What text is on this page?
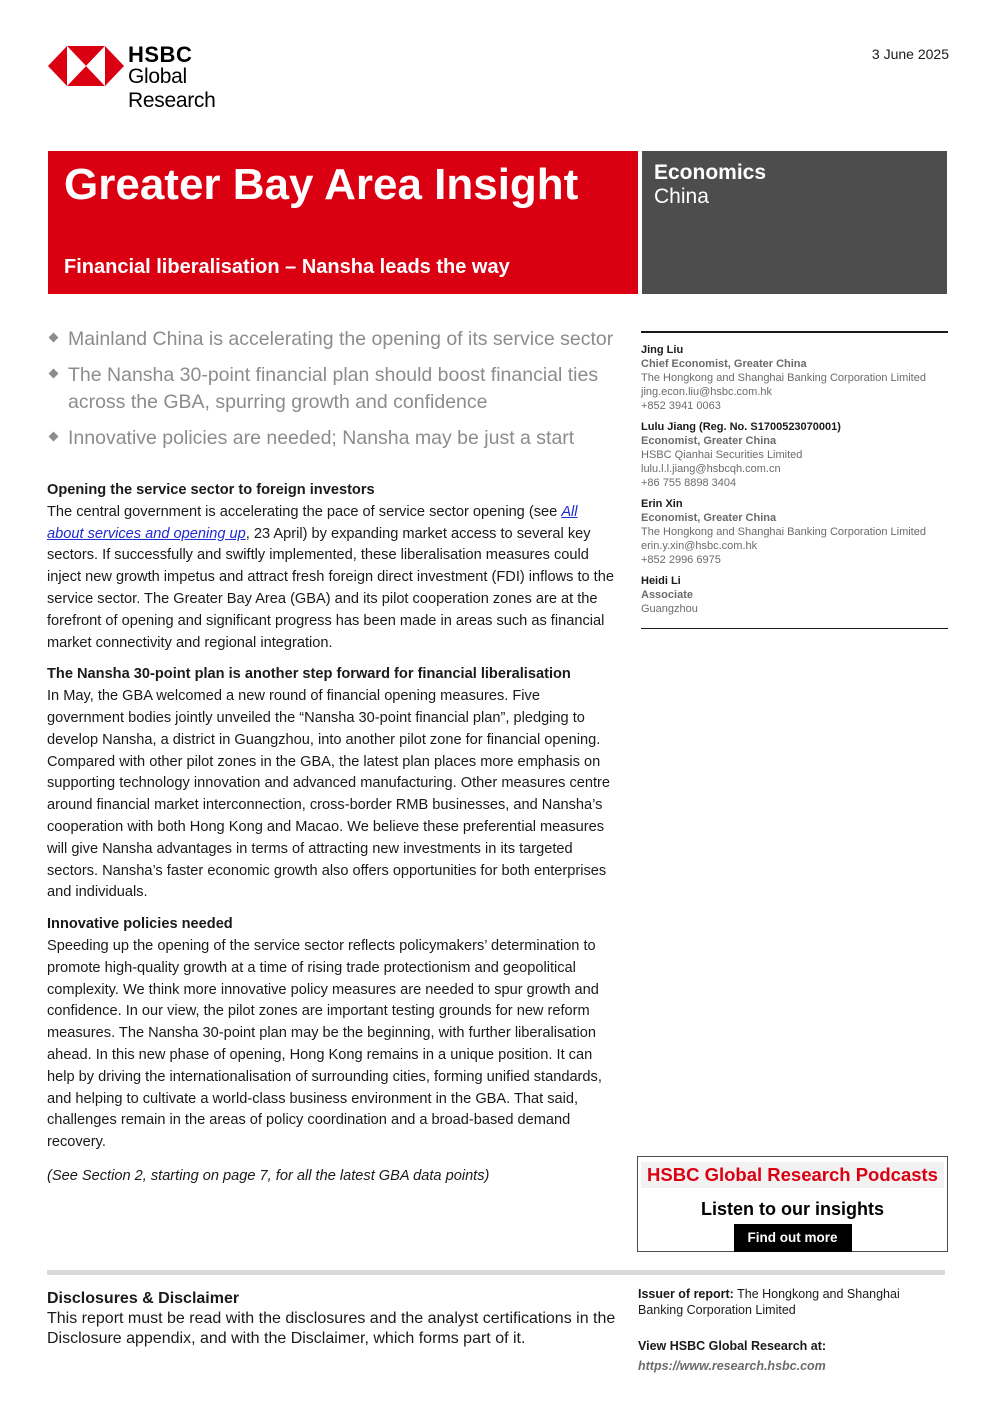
HSBC
Global Research
3 June 2025
Greater Bay Area Insight
Financial liberalisation – Nansha leads the way
Economics
China
Mainland China is accelerating the opening of its service sector
The Nansha 30-point financial plan should boost financial ties across the GBA, spurring growth and confidence
Innovative policies are needed; Nansha may be just a start
Opening the service sector to foreign investors

The central government is accelerating the pace of service sector opening (see All about services and opening up, 23 April) by expanding market access to several key sectors. If successfully and swiftly implemented, these liberalisation measures could inject new growth impetus and attract fresh foreign direct investment (FDI) inflows to the service sector. The Greater Bay Area (GBA) and its pilot cooperation zones are at the forefront of opening and significant progress has been made in areas such as financial market connectivity and regional integration.

The Nansha 30-point plan is another step forward for financial liberalisation

In May, the GBA welcomed a new round of financial opening measures. Five government bodies jointly unveiled the “Nansha 30-point financial plan”, pledging to develop Nansha, a district in Guangzhou, into another pilot zone for financial opening. Compared with other pilot zones in the GBA, the latest plan places more emphasis on supporting technology innovation and advanced manufacturing. Other measures centre around financial market interconnection, cross-border RMB businesses, and Nansha’s cooperation with both Hong Kong and Macao. We believe these preferential measures will give Nansha advantages in terms of attracting new investments in its targeted sectors. Nansha’s faster economic growth also offers opportunities for both enterprises and individuals.

Innovative policies needed

Speeding up the opening of the service sector reflects policymakers’ determination to promote high-quality growth at a time of rising trade protectionism and geopolitical complexity. We think more innovative policy measures are needed to spur growth and confidence. In our view, the pilot zones are important testing grounds for new reform measures. The Nansha 30-point plan may be the beginning, with further liberalisation ahead. In this new phase of opening, Hong Kong remains in a unique position. It can help by driving the internationalisation of surrounding cities, forming unified standards, and helping to cultivate a world-class business environment in the GBA. That said, challenges remain in the areas of policy coordination and a broad-based demand recovery.

(See Section 2, starting on page 7, for all the latest GBA data points)

Jing Liu
Chief Economist, Greater China
The Hongkong and Shanghai Banking Corporation Limited
jing.econ.liu@hsbc.com.hk
+852 3941 0063
Lulu Jiang (Reg. No. S1700523070001)
Economist, Greater China
HSBC Qianhai Securities Limited
lulu.l.l.jiang@hsbcqh.com.cn
+86 755 8898 3404
Erin Xin
Economist, Greater China
The Hongkong and Shanghai Banking Corporation Limited
erin.y.xin@hsbc.com.hk
+852 2996 6975
Heidi Li
Associate
Guangzhou
HSBC Global Research Podcasts
Listen to our insights
Find out more
Disclosures & Disclaimer
This report must be read with the disclosures and the analyst certifications in the Disclosure appendix, and with the Disclaimer, which forms part of it.
Issuer of report: The Hongkong and Shanghai Banking Corporation Limited
View HSBC Global Research at:
https://www.research.hsbc.com
